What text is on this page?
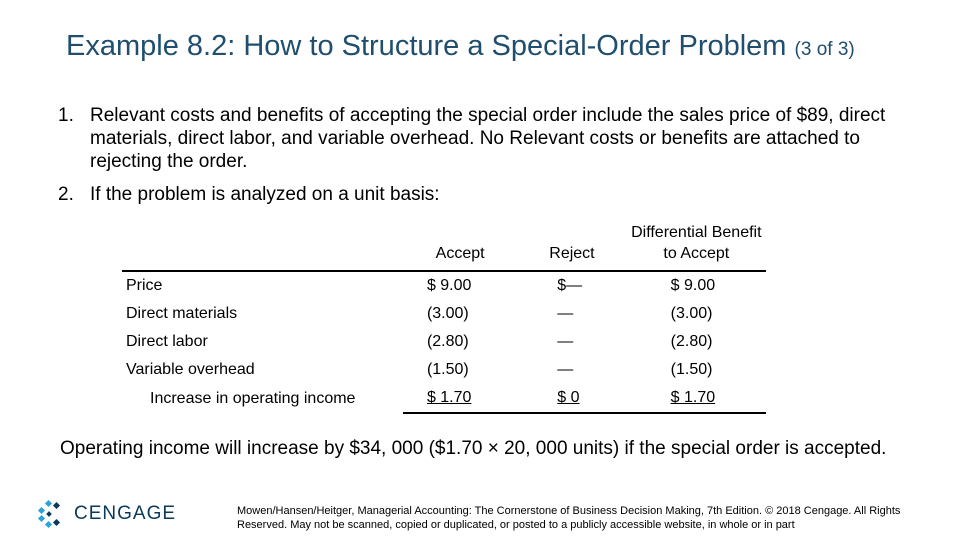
Example 8.2: How to Structure a Special-Order Problem (3 of 3)
1. Relevant costs and benefits of accepting the special order include the sales price of $89, direct materials, direct labor, and variable overhead. No Relevant costs or benefits are attached to rejecting the order.
2. If the problem is analyzed on a unit basis:
	Accept	Reject	Differential Benefit to Accept
Price	$ 9.00	$—	$ 9.00
Direct materials	(3.00)	—	(3.00)
Direct labor	(2.80)	—	(2.80)
Variable overhead	(1.50)	—	(1.50)
Increase in operating income	$ 1.70	$ 0	$ 1.70

Operating income will increase by $34, 000 ($1.70 × 20, 000 units) if the special order is accepted.

CENGAGE	Mowen/Hansen/Heitger, Managerial Accounting: The Cornerstone of Business Decision Making, 7th Edition. © 2018 Cengage. All Rights Reserved. May not be scanned, copied or duplicated, or posted to a publicly accessible website, in whole or in part
